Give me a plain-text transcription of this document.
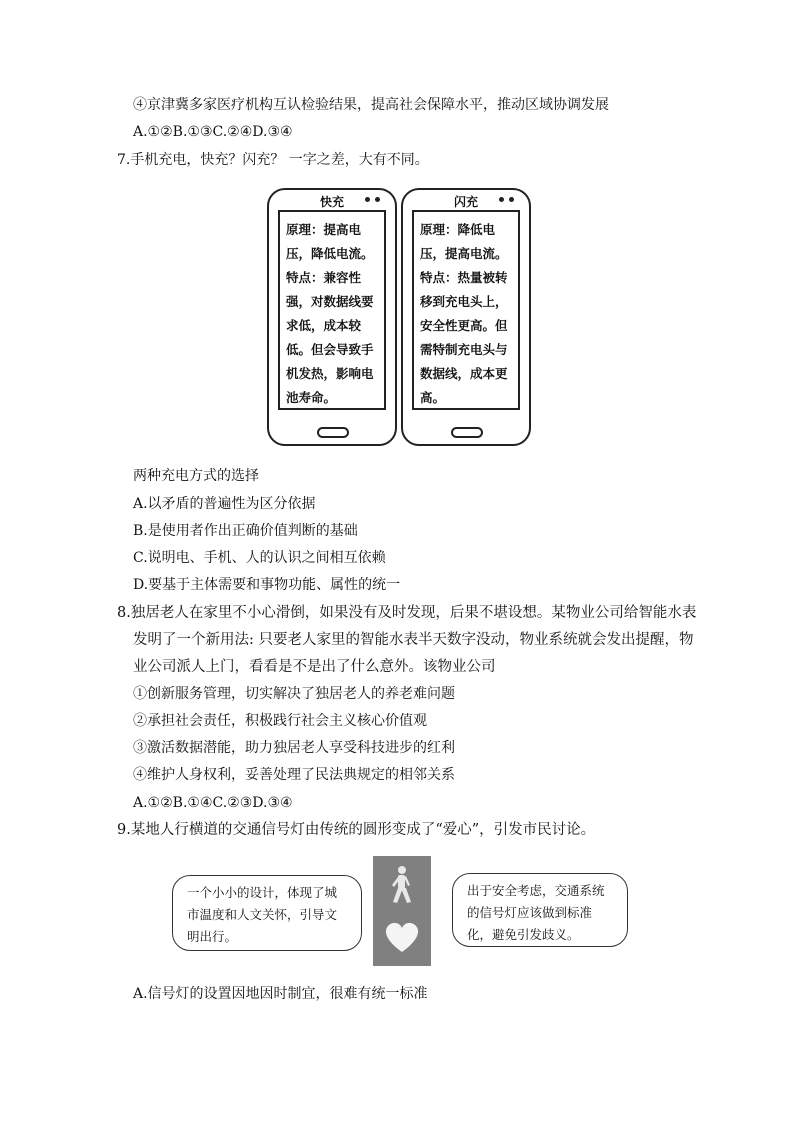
④京津冀多家医疗机构互认检验结果，提高社会保障水平，推动区域协调发展
A.①②B.①③C.②④D.③④
7.手机充电，快充？闪充？ 一字之差，大有不同。
快充
原理：提高电压，降低电流。特点：兼容性强，对数据线要求低，成本较低。但会导致手机发热，影响电池寿命。
闪充
原理：降低电压，提高电流。特点：热量被转移到充电头上，安全性更高。但需特制充电头与数据线，成本更高。
两种充电方式的选择
A.以矛盾的普遍性为区分依据
B.是使用者作出正确价值判断的基础
C.说明电、手机、人的认识之间相互依赖
D.要基于主体需要和事物功能、属性的统一
8.独居老人在家里不小心滑倒，如果没有及时发现，后果不堪设想。某物业公司给智能水表
发明了一个新用法: 只要老人家里的智能水表半天数字没动，物业系统就会发出提醒，物
业公司派人上门，看看是不是出了什么意外。该物业公司
①创新服务管理，切实解决了独居老人的养老难问题
②承担社会责任，积极践行社会主义核心价值观
③激活数据潜能，助力独居老人享受科技进步的红利
④维护人身权利，妥善处理了民法典规定的相邻关系
A.①②B.①④C.②③D.③④
9.某地人行横道的交通信号灯由传统的圆形变成了“爱心”，引发市民讨论。
一个小小的设计，体现了城市温度和人文关怀，引导文明出行。
出于安全考虑，交通系统的信号灯应该做到标准化，避免引发歧义。
A.信号灯的设置因地因时制宜，很难有统一标准
